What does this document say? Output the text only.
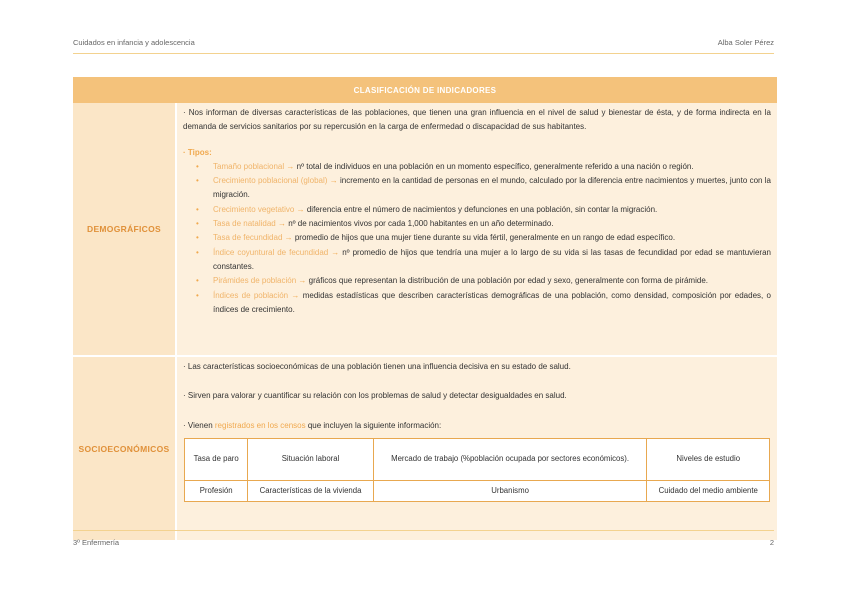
Cuidados en infancia y adolescencia	Alba Soler Pérez
CLASIFICACIÓN DE INDICADORES
DEMOGRÁFICOS	

· Nos informan de diversas características de las poblaciones, que tienen una gran influencia en el nivel de salud y bienestar de ésta, y de forma indirecta en la demanda de servicios sanitarios por su repercusión en la carga de enfermedad o discapacidad de sus habitantes.

· Tipos:
• Tamaño poblacional → nº total de individuos en una población en un momento específico, generalmente referido a una nación o región.
• Crecimiento poblacional (global) → incremento en la cantidad de personas en el mundo, calculado por la diferencia entre nacimientos y muertes, junto con la migración.
• Crecimiento vegetativo → diferencia entre el número de nacimientos y defunciones en una población, sin contar la migración.
• Tasa de natalidad → nº de nacimientos vivos por cada 1,000 habitantes en un año determinado.
• Tasa de fecundidad → promedio de hijos que una mujer tiene durante su vida fértil, generalmente en un rango de edad específico.
• Índice coyuntural de fecundidad → nº promedio de hijos que tendría una mujer a lo largo de su vida si las tasas de fecundidad por edad se mantuvieran constantes.
• Pirámides de población → gráficos que representan la distribución de una población por edad y sexo, generalmente con forma de pirámide.
• Índices de población → medidas estadísticas que describen características demográficas de una población, como densidad, composición por edades, o índices de crecimiento.

SOCIOECONÓMICOS	

· Las características socioeconómicas de una población tienen una influencia decisiva en su estado de salud.

· Sirven para valorar y cuantificar su relación con los problemas de salud y detectar desigualdades en salud.

· Vienen registrados en los censos que incluyen la siguiente información:

Tasa de paro	Situación laboral	Mercado de trabajo (%población ocupada por sectores económicos).	Niveles de estudio
Profesión	Características de la vivienda	Urbanismo	Cuidado del medio ambiente
3º Enfermería	2
